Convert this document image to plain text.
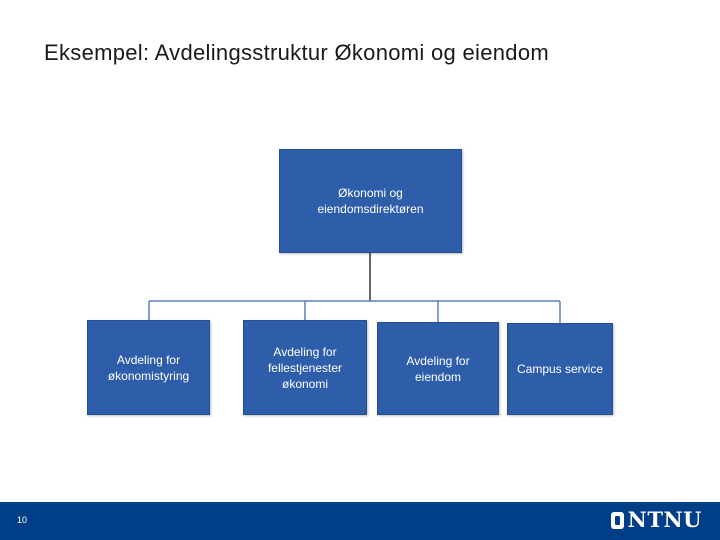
Eksempel: Avdelingsstruktur Økonomi og eiendom
Økonomi og eiendomsdirektøren
Avdeling for økonomistyring
Avdeling for fellestjenester økonomi
Avdeling for eiendom
Campus service
10	NTNU
